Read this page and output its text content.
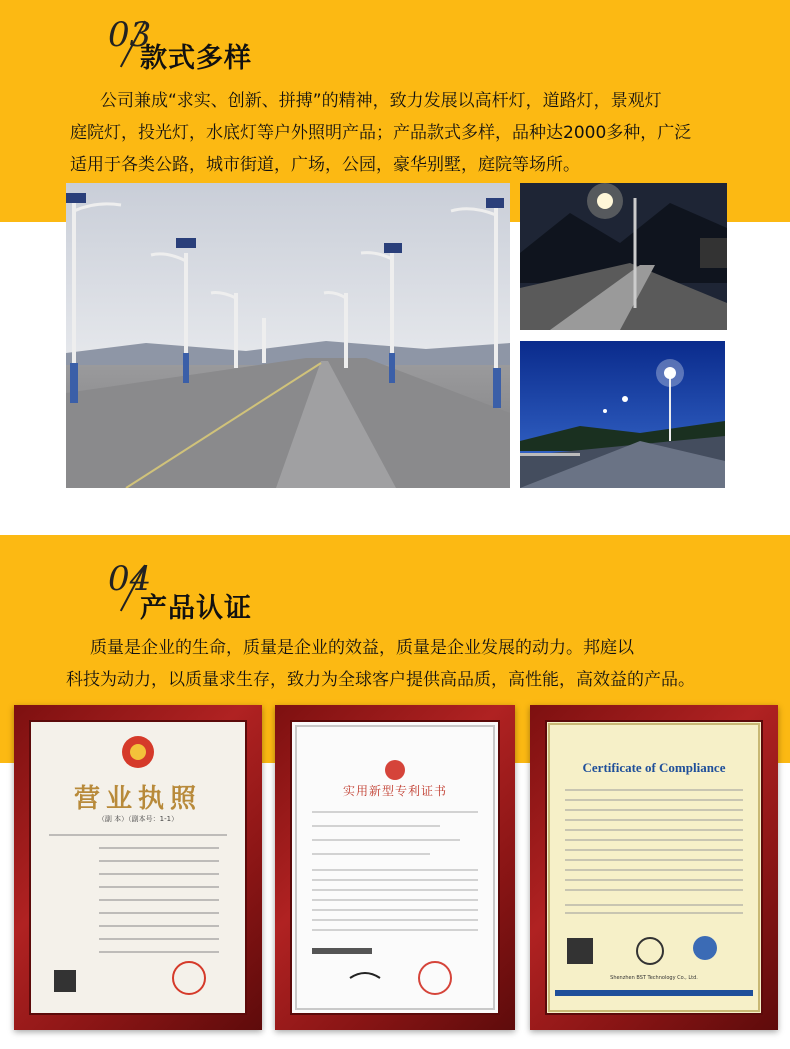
03
款式多样
公司兼成“求实、创新、拼搏”的精神，致力发展以高杆灯，道路灯，景观灯
庭院灯，投光灯，水底灯等户外照明产品；产品款式多样，品种达2000多种，广泛
适用于各类公路，城市街道，广场，公园，豪华别墅，庭院等场所。
04
产品认证
质量是企业的生命，质量是企业的效益，质量是企业发展的动力。邦庭以
科技为动力，以质量求生存，致力为全球客户提供高品质，高性能，高效益的产品。
营业执照
（副 本）（副本号：1-1）
实用新型专利证书
Certificate of Compliance
Shenzhen BST Technology Co., Ltd.
